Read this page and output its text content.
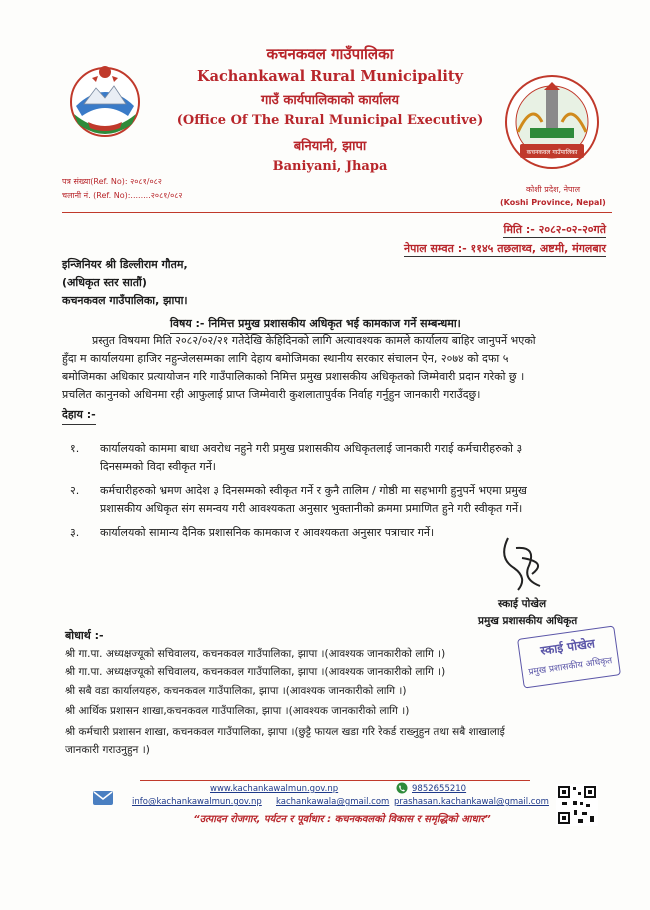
कचनकवल गाउँपालिका
कचनकवल गाउँपालिका
Kachankawal Rural Municipality
गाउँ कार्यपालिकाको कार्यालय
(Office Of The Rural Municipal Executive)
बनियानी, झापा
Baniyani, Jhapa
कोशी प्रदेश, नेपाल
(Koshi Province, Nepal)
पत्र संख्या(Ref. No): २०८१/०८२
चलानी नं. (Ref. No):........२०८१/०८२
मिति :- २०८२-०२-२०गते
नेपाल सम्वत :- ११४५ तछलाथ्व, अष्टमी, मंगलबार
इन्जिनियर श्री डिल्लीराम गौतम,
(अधिकृत स्तर सातौं)
कचनकवल गाउँपालिका, झापा।
विषय :- निमित्त प्रमुख प्रशासकीय अधिकृत भई कामकाज गर्ने सम्बन्धमा।
प्रस्तुत विषयमा मिति २०८२/०२/२१ गतेदेखि केहिदिनको लागि अत्यावश्यक कामले कार्यालय बाहिर जानुपर्ने भएको
हुँदा म कार्यालयमा हाजिर नहुन्जेलसम्मका लागि देहाय बमोजिमका स्थानीय सरकार संचालन ऐन, २०७४ को दफा ५
बमोजिमका अधिकार प्रत्यायोजन गरि गाउँपालिकाको निमित्त प्रमुख प्रशासकीय अधिकृतको जिम्मेवारी प्रदान गरेको छु ।
प्रचलित कानुनको अधिनमा रही आफुलाई प्राप्त जिम्मेवारी कुशलातापुर्वक निर्वाह गर्नुहुन जानकारी गराउँदछु।
देहाय :-
१. कार्यालयको काममा बाधा अवरोध नहुने गरी प्रमुख प्रशासकीय अधिकृतलाई जानकारी गराई कर्मचारीहरुको ३
दिनसम्मको विदा स्वीकृत गर्ने।
२. कर्मचारीहरुको भ्रमण आदेश ३ दिनसम्मको स्वीकृत गर्ने र कुनै तालिम / गोष्ठी मा सहभागी हुनुपर्ने भएमा प्रमुख
प्रशासकीय अधिकृत संग समन्वय गरी आवश्यकता अनुसार भुक्तानीको क्रममा प्रमाणित हुने गरी स्वीकृत गर्ने।
३. कार्यालयको सामान्य दैनिक प्रशासनिक कामकाज र आवश्यकता अनुसार पत्राचार गर्ने।
स्काई पोखेल
प्रमुख प्रशासकीय अधिकृत
स्काई पोखेल
प्रमुख प्रशासकीय अधिकृत
बोधार्थ :-
श्री गा.पा. अध्यक्षज्यूको सचिवालय, कचनकवल गाउँपालिका, झापा ।(आवश्यक जानकारीको लागि ।)
श्री गा.पा. अध्यक्षज्यूको सचिवालय, कचनकवल गाउँपालिका, झापा ।(आवश्यक जानकारीको लागि ।)
श्री सबै वडा कार्यालयहरु, कचनकवल गाउँपालिका, झापा ।(आवश्यक जानकारीको लागि ।)
श्री आर्थिक प्रशासन शाखा,कचनकवल गाउँपालिका, झापा ।(आवश्यक जानकारीको लागि ।)
श्री कर्मचारी प्रशासन शाखा, कचनकवल गाउँपालिका, झापा ।(छुट्टै फायल खडा गरि रेकर्ड राख्नुहुन तथा सबै शाखालाई
जानकारी गराउनुहुन ।)
www.kachankawalmun.gov.np
info@kachankawalmun.gov.np kachankawala@gmail.com
9852655210
prashasan.kachankawal@gmail.com
“उत्पादन रोजगार, पर्यटन र पूर्वाधार : कचनकवलको विकास र समृद्धिको आधार”
